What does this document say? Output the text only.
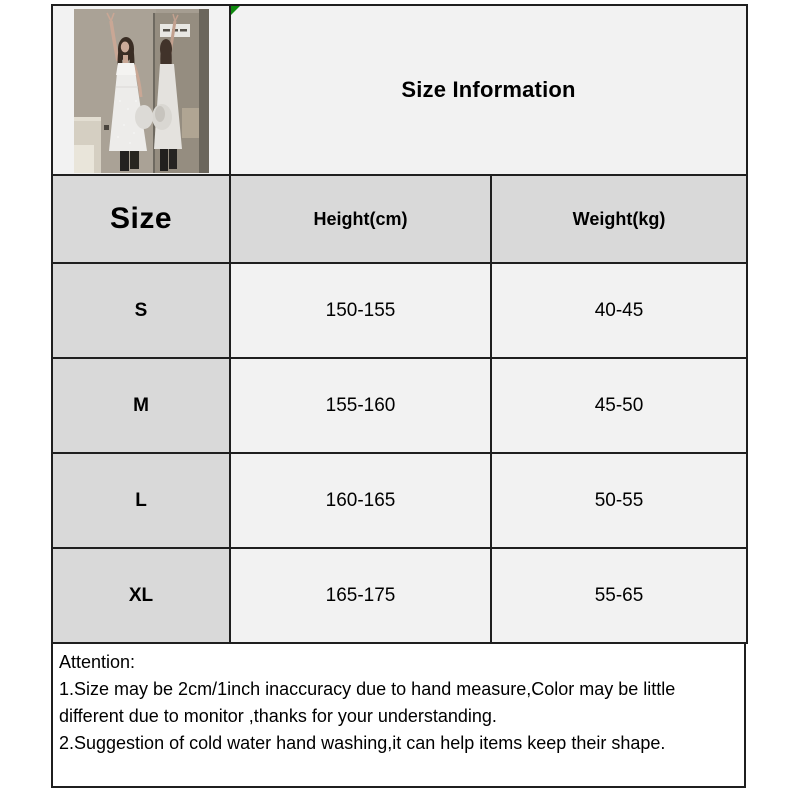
Size Information	
Size	Height(cm)	Weight(kg)
S	150-155	40-45
M	155-160	45-50
L	160-165	50-55
XL	165-175	55-65
Attention:
1.Size may be 2cm/1inch inaccuracy due to hand measure,Color may be little
different due to monitor ,thanks for your understanding.
2.Suggestion of cold water hand washing,it can help items keep their shape.
